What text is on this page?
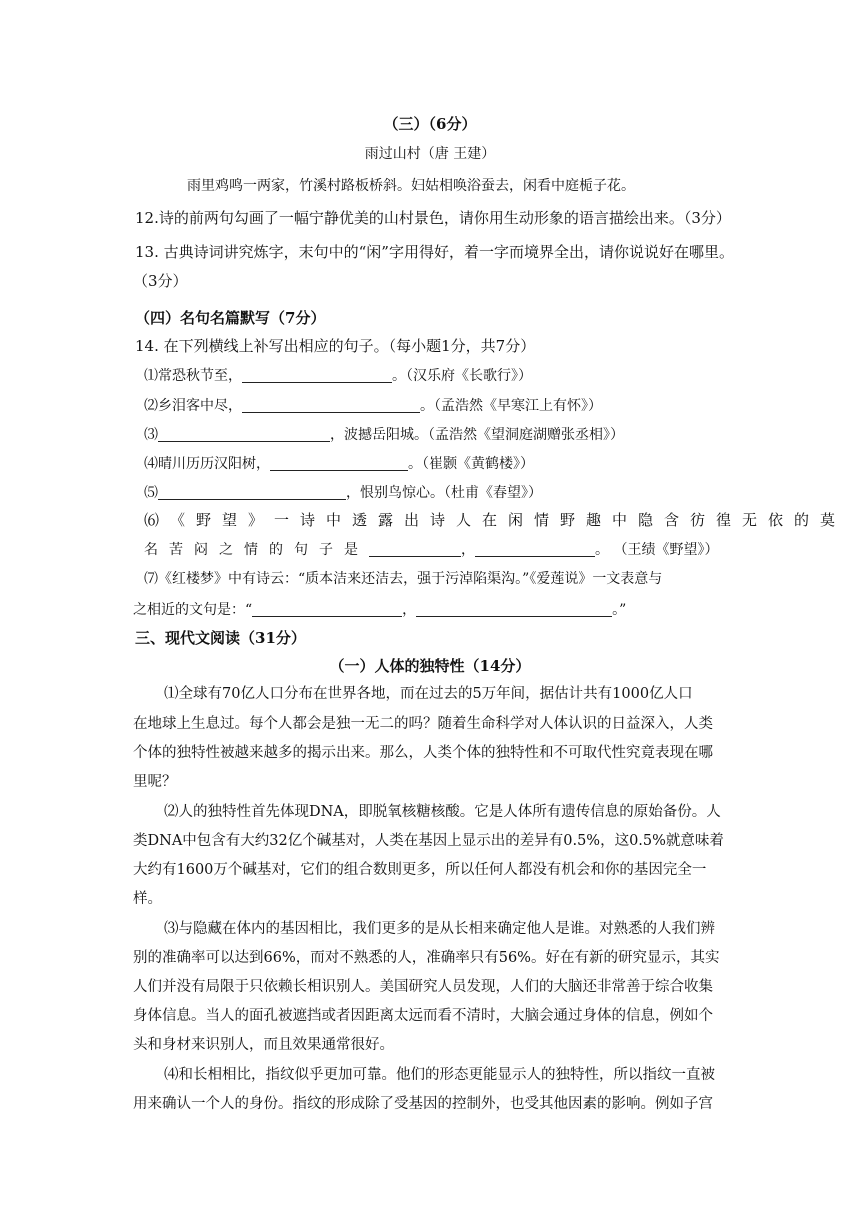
（三）（6分）
雨过山村（唐 王建）
雨里鸡鸣一两家，竹溪村路板桥斜。妇姑相唤浴蚕去，闲看中庭栀子花。
12.诗的前两句勾画了一幅宁静优美的山村景色，请你用生动形象的语言描绘出来。（3分）
13. 古典诗词讲究炼字，末句中的“闲”字用得好，着一字而境界全出，请你说说好在哪里。
（3分）
（四）名句名篇默写（7分）
14. 在下列横线上补写出相应的句子。（每小题1分，共7分）
⑴常恐秋节至，	。（汉乐府《长歌行》）
⑵乡泪客中尽，	。（孟浩然《早寒江上有怀》）
⑶	，波撼岳阳城。（孟浩然《望洞庭湖赠张丞相》）
⑷晴川历历汉阳树，	。（崔颢《黄鹤楼》）
⑸	，恨别鸟惊心。（杜甫《春望》）
⑹《野望》一诗中透露出诗人在闲情野趣中隐含彷徨无依的莫
名苦闷之情的句子是	，	。 （王绩《野望》）
⑺《红楼梦》中有诗云：“质本洁来还洁去，强于污淖陷渠沟。”《爱莲说》一文表意与
之相近的文句是：“	，	。”
三、现代文阅读（31分）
（一）人体的独特性（14分）
⑴全球有70亿人口分布在世界各地，而在过去的5万年间，据估计共有1000亿人口
在地球上生息过。每个人都会是独一无二的吗？随着生命科学对人体认识的日益深入，人类
个体的独特性被越来越多的揭示出来。那么，人类个体的独特性和不可取代性究竟表现在哪
里呢？
⑵人的独特性首先体现DNA，即脱氧核糖核酸。它是人体所有遗传信息的原始备份。人
类DNA中包含有大约32亿个碱基对，人类在基因上显示出的差异有0.5%，这0.5%就意味着
大约有1600万个碱基对，它们的组合数則更多，所以任何人都没有机会和你的基因完全一
样。
⑶与隐藏在体内的基因相比，我们更多的是从长相来确定他人是谁。对熟悉的人我们辨
别的准确率可以达到66%，而对不熟悉的人，准确率只有56%。好在有新的研究显示，其实
人们并没有局限于只依赖长相识别人。美国研究人员发现，人们的大脑还非常善于综合收集
身体信息。当人的面孔被遮挡或者因距离太远而看不清时，大脑会通过身体的信息，例如个
头和身材来识别人，而且效果通常很好。
⑷和长相相比，指纹似乎更加可靠。他们的形态更能显示人的独特性，所以指纹一直被
用来确认一个人的身份。指纹的形成除了受基因的控制外，也受其他因素的影响。例如子宫
